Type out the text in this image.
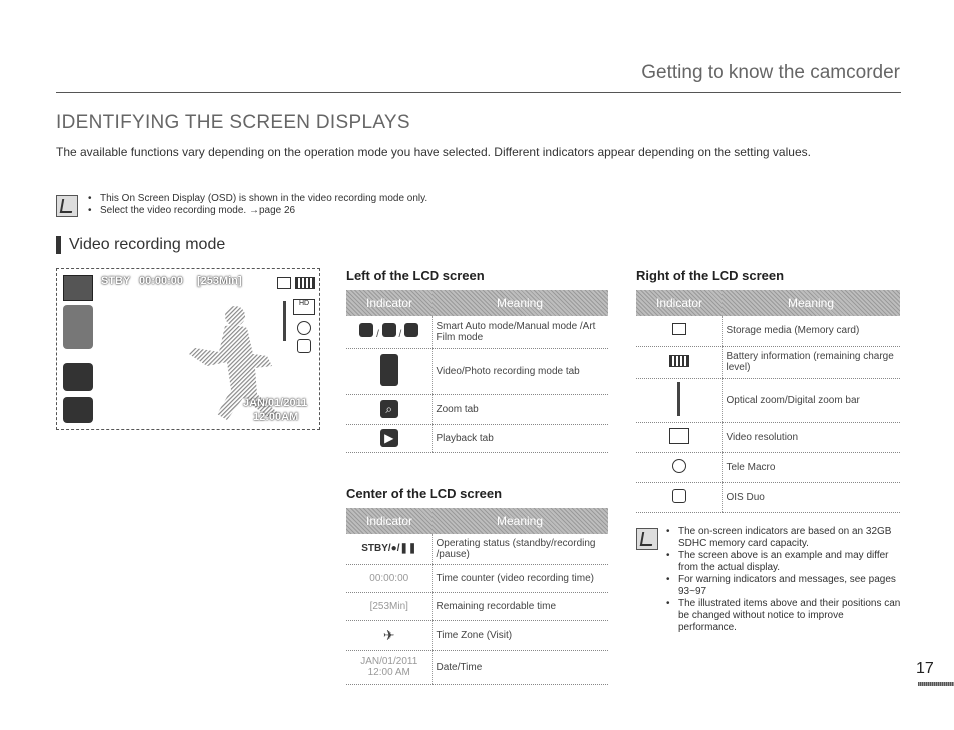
Getting to know the camcorder
IDENTIFYING THE SCREEN DISPLAYS
The available functions vary depending on the operation mode you have selected. Different indicators appear depending on the setting values.
• This On Screen Display (OSD) is shown in the video recording mode only.
• Select the video recording mode. →page 26
Video recording mode
STBY 00:00:00 [253Min]
HD
JAN/01/2011
12:00AM
Left of the LCD screen
Indicator	Meaning
/  /	Smart Auto mode/Manual mode /Art Film mode
	Video/Photo recording mode tab
⌕	Zoom tab
▶	Playback tab
Center of the LCD screen
Indicator	Meaning
STBY/●/❚❚	Operating status (standby/recording /pause)
00:00:00	Time counter (video recording time)
[253Min]	Remaining recordable time
✈	Time Zone (Visit)
JAN/01/2011 12:00 AM	Date/Time
Right of the LCD screen
Indicator	Meaning
	Storage media (Memory card)
	Battery information (remaining charge level)
	Optical zoom/Digital zoom bar
	Video resolution
	Tele Macro
	OIS Duo
• The on-screen indicators are based on an 32GB SDHC memory card capacity.
• The screen above is an example and may differ from the actual display.
• For warning indicators and messages, see pages 93~97
• The illustrated items above and their positions can be changed without notice to improve performance.
17
